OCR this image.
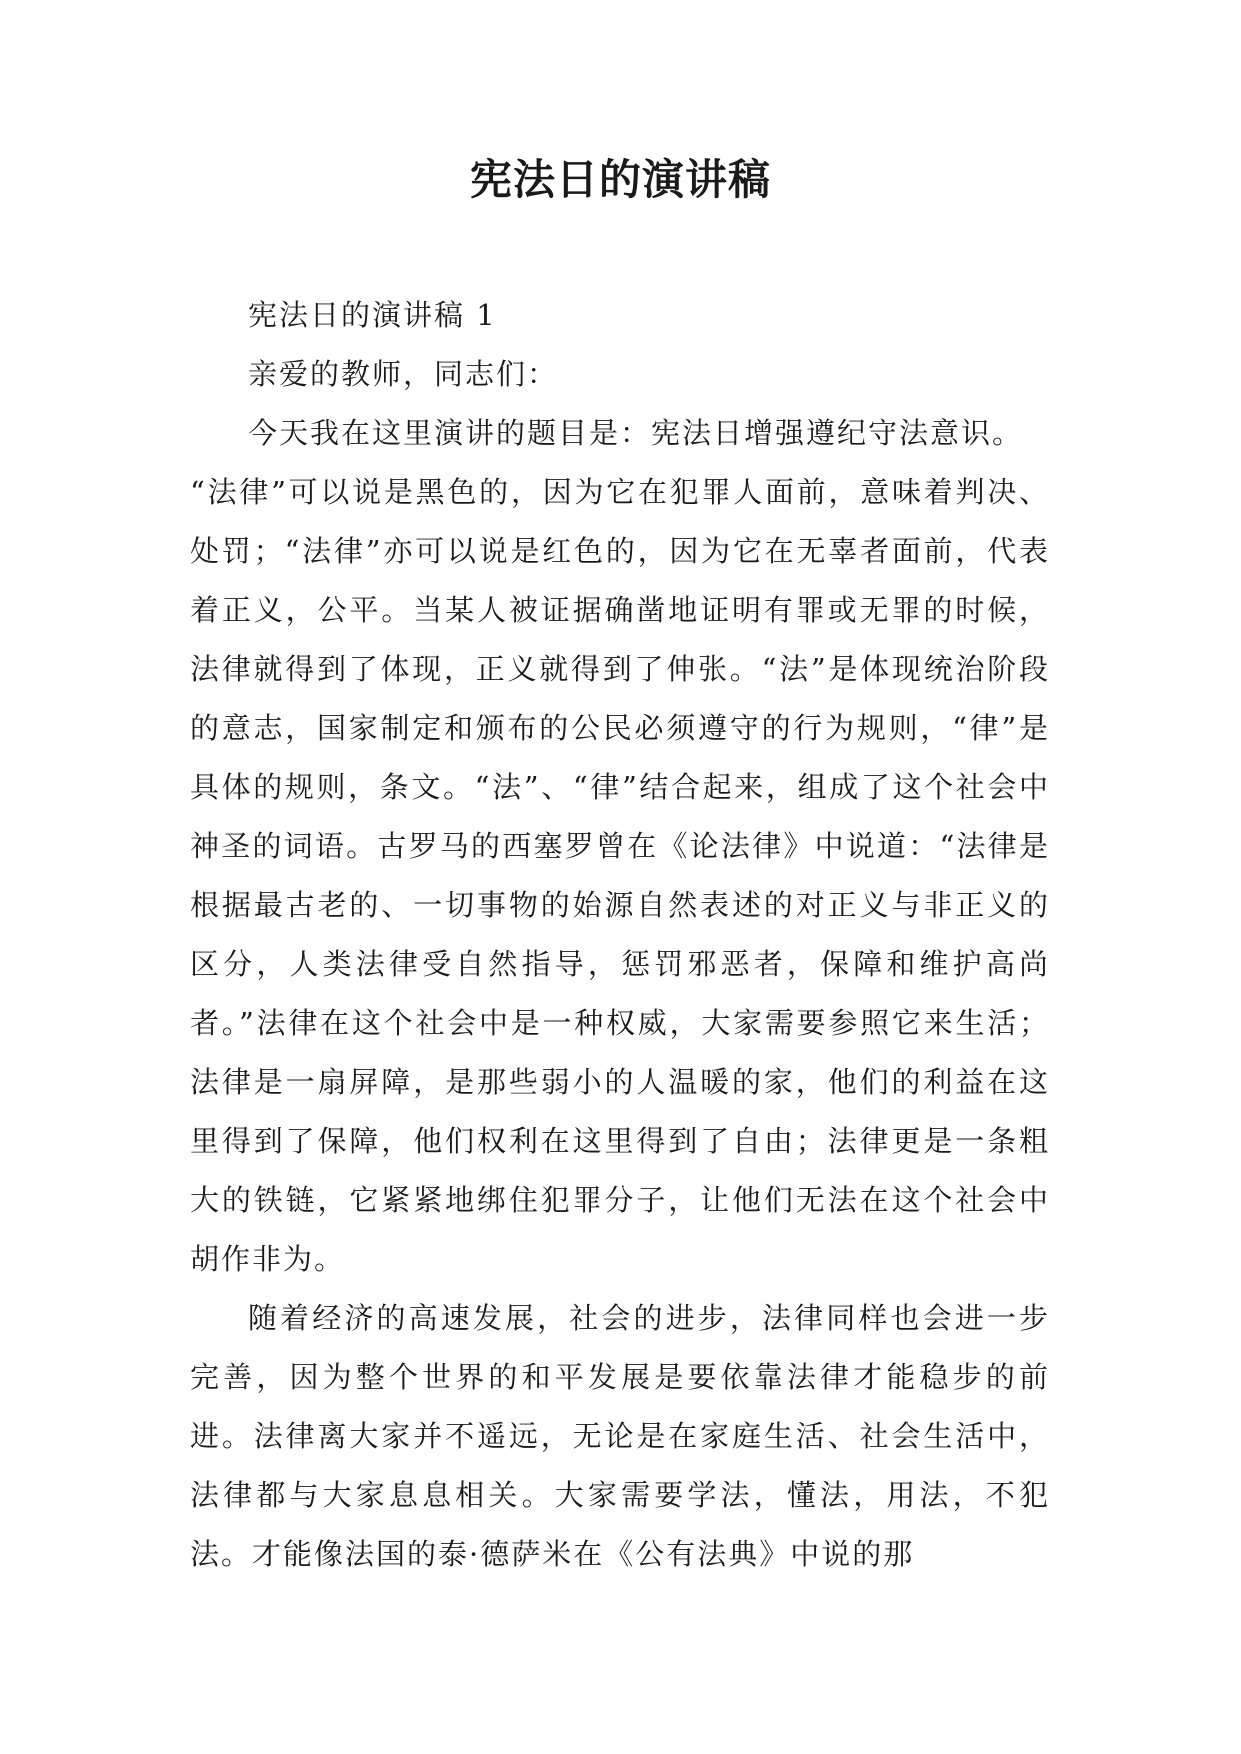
宪法日的演讲稿

宪法日的演讲稿 1

亲爱的教师，同志们：

今天我在这里演讲的题目是：宪法日增强遵纪守法意识。

“法律”可以说是黑色的，因为它在犯罪人面前，意味着判决、处罚；“法律”亦可以说是红色的，因为它在无辜者面前，代表着正义，公平。当某人被证据确凿地证明有罪或无罪的时候，法律就得到了体现，正义就得到了伸张。“法”是体现统治阶段的意志，国家制定和颁布的公民必须遵守的行为规则，“律”是具体的规则，条文。“法”、“律”结合起来，组成了这个社会中神圣的词语。古罗马的西塞罗曾在《论法律》中说道：“法律是根据最古老的、一切事物的始源自然表述的对正义与非正义的区分，人类法律受自然指导，惩罚邪恶者，保障和维护高尚者。”法律在这个社会中是一种权威，大家需要参照它来生活；法律是一扇屏障，是那些弱小的人温暖的家，他们的利益在这里得到了保障，他们权利在这里得到了自由；法律更是一条粗大的铁链，它紧紧地绑住犯罪分子，让他们无法在这个社会中胡作非为。

随着经济的高速发展，社会的进步，法律同样也会进一步完善，因为整个世界的和平发展是要依靠法律才能稳步的前进。法律离大家并不遥远，无论是在家庭生活、社会生活中，法律都与大家息息相关。大家需要学法，懂法，用法，不犯法。才能像法国的泰·德萨米在《公有法典》中说的那
